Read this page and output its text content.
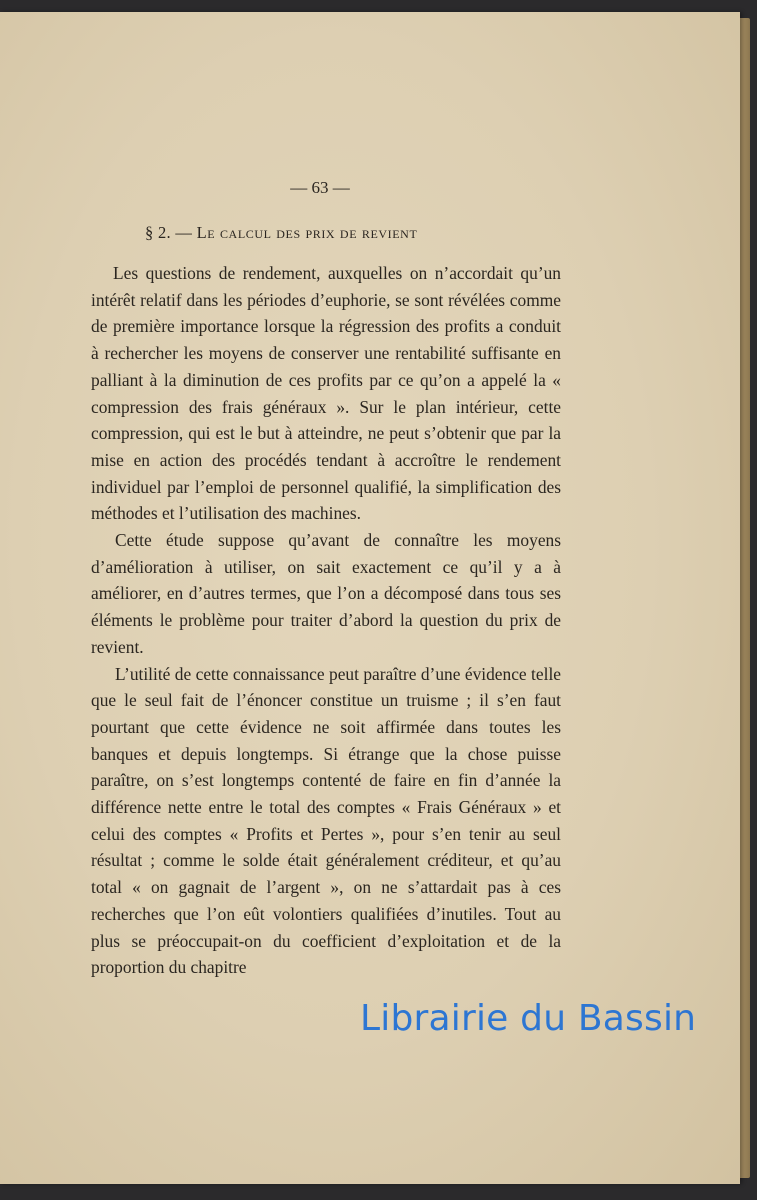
— 63 —
§ 2. — Le calcul des prix de revient

Les questions de rendement, auxquelles on n’accordait qu’un intérêt relatif dans les périodes d’euphorie, se sont révélées comme de première importance lorsque la régression des profits a conduit à rechercher les moyens de conserver une rentabilité suffisante en palliant à la diminution de ces profits par ce qu’on a appelé la « compression des frais généraux ». Sur le plan intérieur, cette compression, qui est le but à atteindre, ne peut s’obtenir que par la mise en action des procédés tendant à accroître le rendement individuel par l’emploi de personnel qualifié, la simplification des méthodes et l’utilisation des machines.

Cette étude suppose qu’avant de connaître les moyens d’amélioration à utiliser, on sait exactement ce qu’il y a à améliorer, en d’autres termes, que l’on a décomposé dans tous ses éléments le problème pour traiter d’abord la question du prix de revient.

L’utilité de cette connaissance peut paraître d’une évidence telle que le seul fait de l’énoncer constitue un truisme ; il s’en faut pourtant que cette évidence ne soit affirmée dans toutes les banques et depuis longtemps. Si étrange que la chose puisse paraître, on s’est longtemps contenté de faire en fin d’année la différence nette entre le total des comptes « Frais Généraux » et celui des comptes « Profits et Pertes », pour s’en tenir au seul résultat ; comme le solde était généralement créditeur, et qu’au total « on gagnait de l’argent », on ne s’attardait pas à ces recherches que l’on eût volontiers qualifiées d’inutiles. Tout au plus se préoccupait-on du coefficient d’exploitation et de la proportion du chapitre

Librairie du Bassin
